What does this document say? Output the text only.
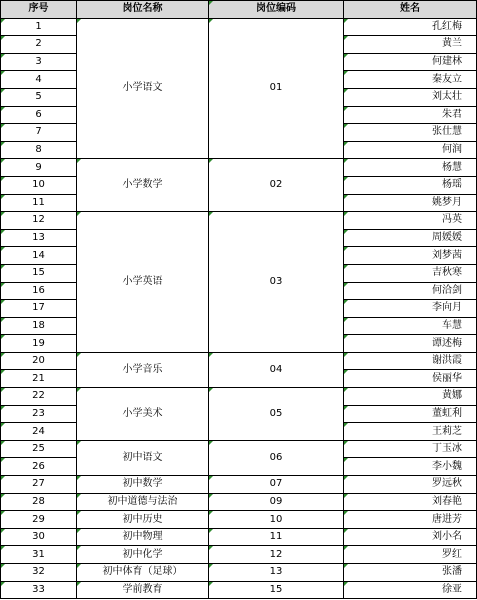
序号	岗位名称	岗位编码	姓名
1	小学语文	01	孔红梅
2			黄兰
3			何建林
4			秦友立
5			刘太壮
6			朱君
7			张仕慧
8			何润
9	小学数学	02	杨慧
10			杨瑶
11			姚梦月
12	小学英语	03	冯英
13			周媛媛
14			刘梦茜
15			吉秋寒
16			何洽剑
17			李向月
18			车慧
19			谭述梅
20	小学音乐	04	谢洪霞
21			侯丽华
22	小学美术	05	黄娜
23			董虹利
24			王莉芝
25	初中语文	06	丁玉冰
26			李小魏
27	初中数学	07	罗远秋
28	初中道德与法治	09	刘春艳
29	初中历史	10	唐进芳
30	初中物理	11	刘小名
31	初中化学	12	罗红
32	初中体育（足球）	13	张潘
33	学前教育	15	徐亚
